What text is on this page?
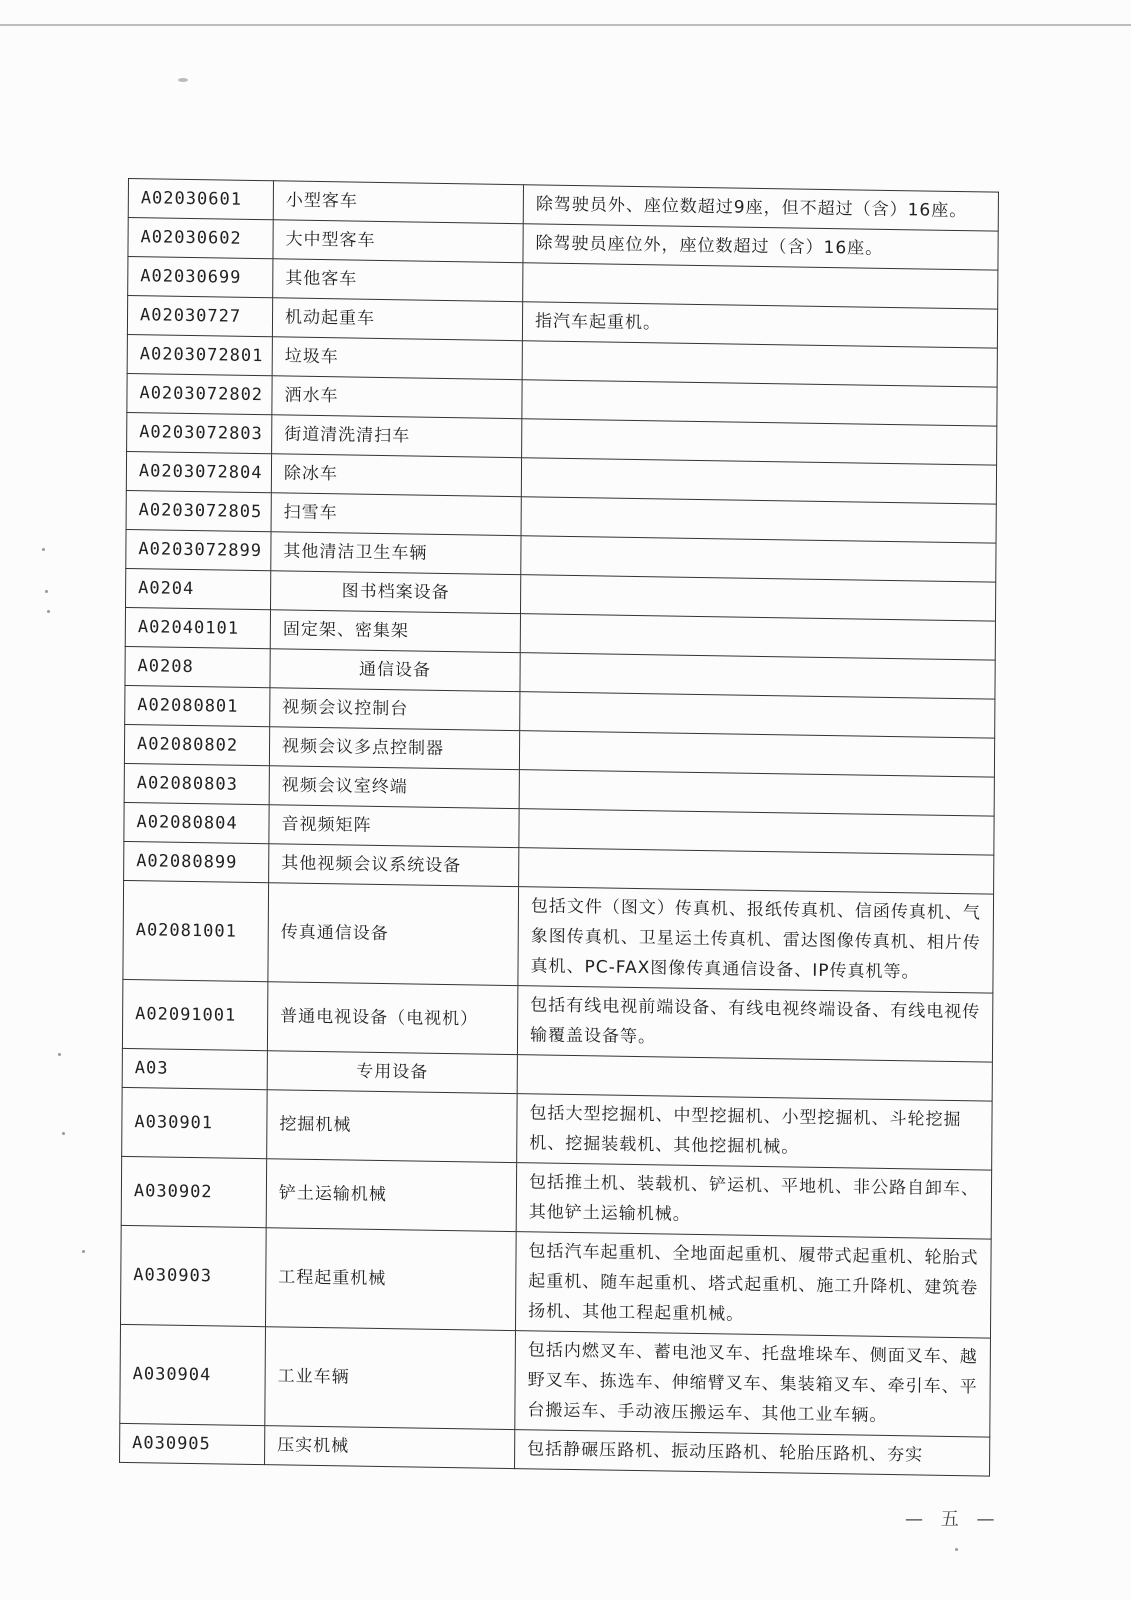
A02030601	小型客车	除驾驶员外、座位数超过9座，但不超过（含）16座。
A02030602	大中型客车	除驾驶员座位外，座位数超过（含）16座。
A02030699	其他客车	
A02030727	机动起重车	指汽车起重机。
A0203072801	垃圾车	
A0203072802	洒水车	
A0203072803	街道清洗清扫车	
A0203072804	除冰车	
A0203072805	扫雪车	
A0203072899	其他清洁卫生车辆	
A0204	图书档案设备	
A02040101	固定架、密集架	
A0208	通信设备	
A02080801	视频会议控制台	
A02080802	视频会议多点控制器	
A02080803	视频会议室终端	
A02080804	音视频矩阵	
A02080899	其他视频会议系统设备	
A02081001	传真通信设备	包括文件（图文）传真机、报纸传真机、信函传真机、气象图传真机、卫星运土传真机、雷达图像传真机、相片传真机、PC-FAX图像传真通信设备、IP传真机等。
A02091001	普通电视设备（电视机）	包括有线电视前端设备、有线电视终端设备、有线电视传输覆盖设备等。
A03	专用设备	
A030901	挖掘机械	包括大型挖掘机、中型挖掘机、小型挖掘机、斗轮挖掘机、挖掘装载机、其他挖掘机械。
A030902	铲土运输机械	包括推土机、装载机、铲运机、平地机、非公路自卸车、其他铲土运输机械。
A030903	工程起重机械	包括汽车起重机、全地面起重机、履带式起重机、轮胎式起重机、随车起重机、塔式起重机、施工升降机、建筑卷扬机、其他工程起重机械。
A030904	工业车辆	包括内燃叉车、蓄电池叉车、托盘堆垛车、侧面叉车、越野叉车、拣选车、伸缩臂叉车、集装箱叉车、牵引车、平台搬运车、手动液压搬运车、其他工业车辆。
A030905	压实机械	包括静碾压路机、振动压路机、轮胎压路机、夯实
— 五 —
